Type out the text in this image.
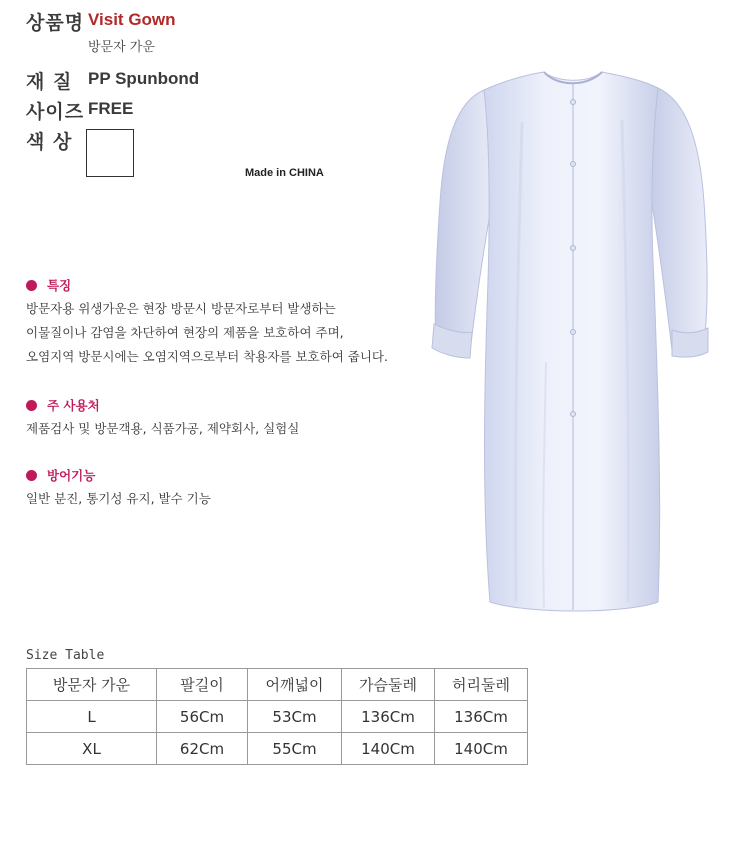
상품명 Visit Gown
방문자 가운
재 질 PP Spunbond
사이즈 FREE
색 상
Made in CHINA
특징
방문자용 위생가운은 현장 방문시 방문자로부터 발생하는
이물질이나 감염을 차단하여 현장의 제품을 보호하여 주며,
오염지역 방문시에는 오염지역으로부터 착용자를 보호하여 줍니다.
주 사용처
제품검사 및 방문객용, 식품가공, 제약회사, 실험실
방어기능
일반 분진, 통기성 유지, 발수 기능
Size Table
방문자 가운	팔길이	어깨넓이	가슴둘레	허리둘레
L	56Cm	53Cm	136Cm	136Cm
XL	62Cm	55Cm	140Cm	140Cm
